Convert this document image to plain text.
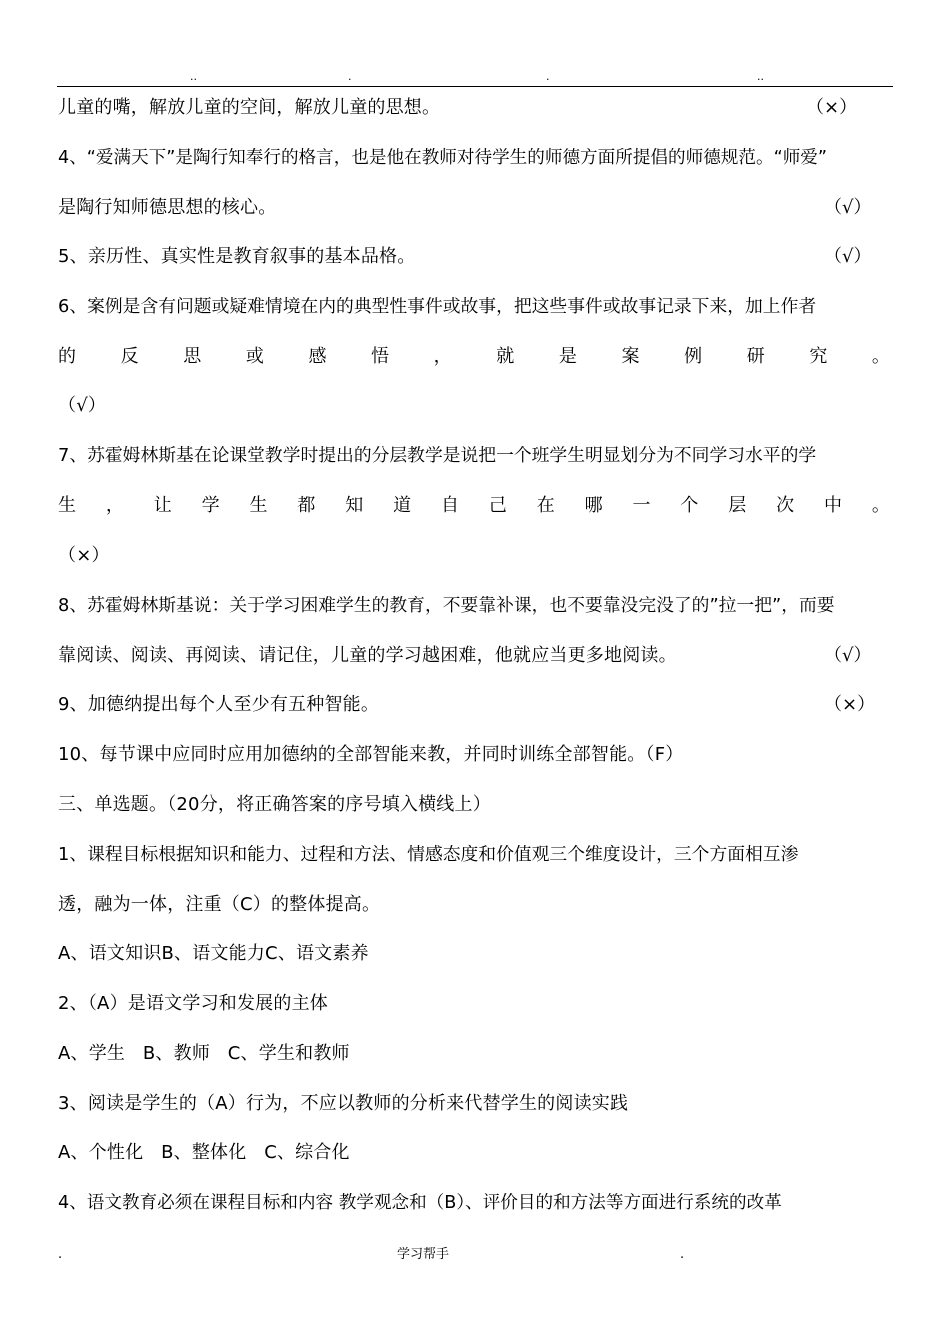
..	.	.	..
儿童的嘴，解放儿童的空间，解放儿童的思想。	（×）
4、“爱满天下”是陶行知奉行的格言，也是他在教师对待学生的师德方面所提倡的师德规范。“师爱”
是陶行知师德思想的核心。	（√）
5、亲历性、真实性是教育叙事的基本品格。	（√）
6、案例是含有问题或疑难情境在内的典型性事件或故事，把这些事件或故事记录下来，加上作者
的 反 思 或 感 悟 ， 就 是 案 例 研 究 。
（√）
7、苏霍姆林斯基在论课堂教学时提出的分层教学是说把一个班学生明显划分为不同学习水平的学
生 ， 让 学 生 都 知 道 自 己 在 哪 一 个 层 次 中 。
（×）
8、苏霍姆林斯基说：关于学习困难学生的教育，不要靠补课，也不要靠没完没了的”拉一把”，而要
靠阅读、阅读、再阅读、请记住，儿童的学习越困难，他就应当更多地阅读。	（√）
9、加德纳提出每个人至少有五种智能。	（×）
10、每节课中应同时应用加德纳的全部智能来教，并同时训练全部智能。（F）
三、单选题。（20分，将正确答案的序号填入横线上）
1、课程目标根据知识和能力、过程和方法、情感态度和价值观三个维度设计，三个方面相互渗
透，融为一体，注重（C）的整体提高。
A、语文知识B、语文能力C、语文素养
2、（A）是语文学习和发展的主体
A、学生   B、教师   C、学生和教师
3、阅读是学生的（A）行为，不应以教师的分析来代替学生的阅读实践
A、个性化   B、整体化   C、综合化
4、语文教育必须在课程目标和内容 教学观念和（B）、评价目的和方法等方面进行系统的改革
.	学习帮手	.
